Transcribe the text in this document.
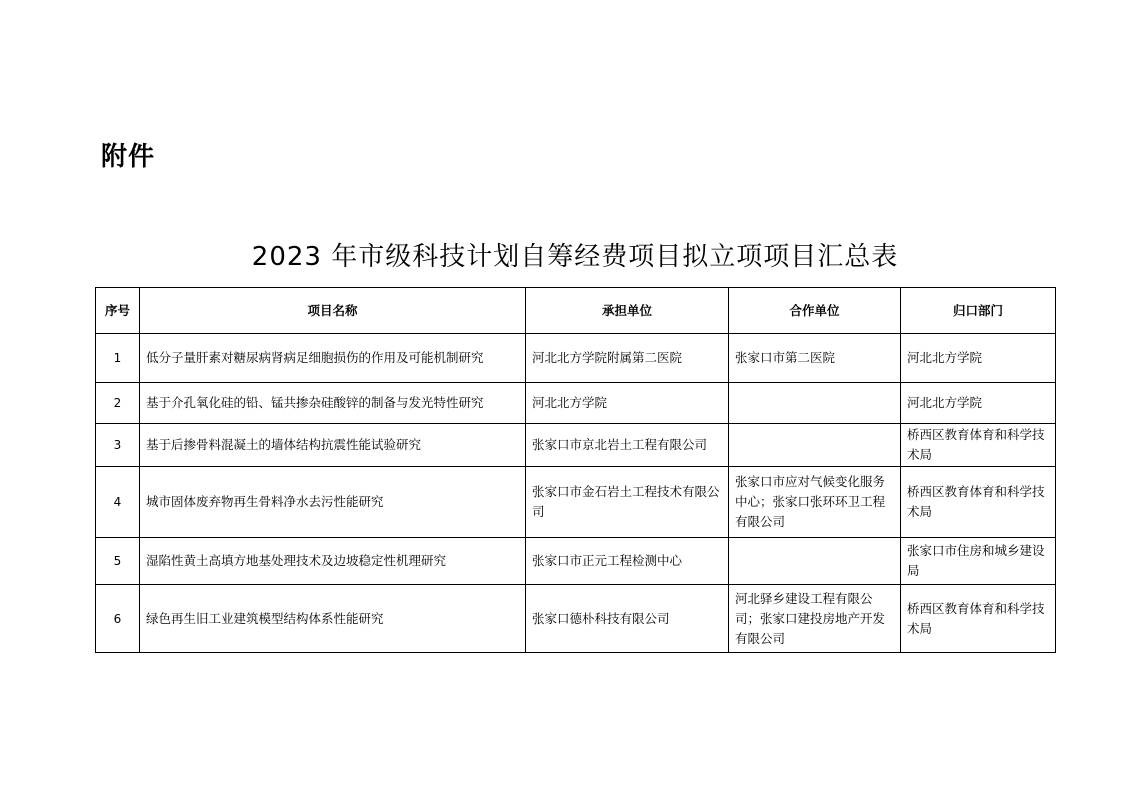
附件
2023 年市级科技计划自筹经费项目拟立项项目汇总表
序号	项目名称	承担单位	合作单位	归口部门
1	低分子量肝素对糖尿病肾病足细胞损伤的作用及可能机制研究	河北北方学院附属第二医院	张家口市第二医院	河北北方学院
2	基于介孔氧化硅的铅、锰共掺杂硅酸锌的制备与发光特性研究	河北北方学院		河北北方学院
3	基于后掺骨料混凝土的墙体结构抗震性能试验研究	张家口市京北岩土工程有限公司		桥西区教育体育和科学技术局
4	城市固体废弃物再生骨料净水去污性能研究	张家口市金石岩土工程技术有限公司	张家口市应对气候变化服务中心；张家口张环环卫工程有限公司	桥西区教育体育和科学技术局
5	湿陷性黄土高填方地基处理技术及边坡稳定性机理研究	张家口市正元工程检测中心		张家口市住房和城乡建设局
6	绿色再生旧工业建筑模型结构体系性能研究	张家口德朴科技有限公司	河北驿乡建设工程有限公司；张家口建投房地产开发有限公司	桥西区教育体育和科学技术局
